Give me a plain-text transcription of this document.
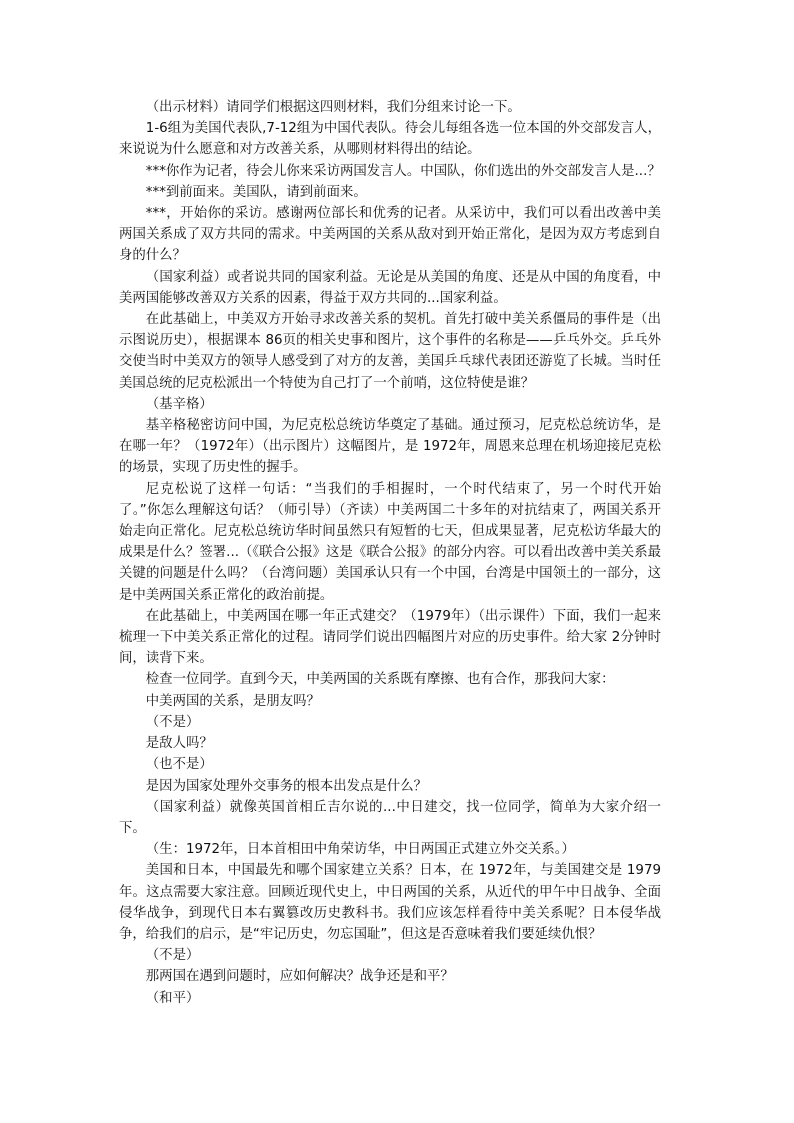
（出示材料）请同学们根据这四则材料，我们分组来讨论一下。

1-6组为美国代表队,7-12组为中国代表队。待会儿每组各选一位本国的外交部发言人，来说说为什么愿意和对方改善关系，从哪则材料得出的结论。

***你作为记者，待会儿你来采访两国发言人。中国队，你们选出的外交部发言人是...？

***到前面来。美国队，请到前面来。

***，开始你的采访。感谢两位部长和优秀的记者。从采访中，我们可以看出改善中美两国关系成了双方共同的需求。中美两国的关系从敌对到开始正常化，是因为双方考虑到自身的什么？

（国家利益）或者说共同的国家利益。无论是从美国的角度、还是从中国的角度看，中美两国能够改善双方关系的因素，得益于双方共同的...国家利益。

在此基础上，中美双方开始寻求改善关系的契机。首先打破中美关系僵局的事件是（出示图说历史），根据课本 86页的相关史事和图片，这个事件的名称是——乒乓外交。乒乓外交使当时中美双方的领导人感受到了对方的友善，美国乒乓球代表团还游览了长城。当时任美国总统的尼克松派出一个特使为自己打了一个前哨，这位特使是谁？

（基辛格）

基辛格秘密访问中国，为尼克松总统访华奠定了基础。通过预习，尼克松总统访华，是在哪一年？（1972年）（出示图片）这幅图片，是 1972年，周恩来总理在机场迎接尼克松的场景，实现了历史性的握手。

尼克松说了这样一句话：“当我们的手相握时，一个时代结束了，另一个时代开始了。”你怎么理解这句话？（师引导）（齐读）中美两国二十多年的对抗结束了，两国关系开始走向正常化。尼克松总统访华时间虽然只有短暂的七天，但成果显著，尼克松访华最大的成果是什么？签署...（《联合公报》这是《联合公报》的部分内容。可以看出改善中美关系最关键的问题是什么吗？（台湾问题）美国承认只有一个中国，台湾是中国领土的一部分，这是中美两国关系正常化的政治前提。

在此基础上，中美两国在哪一年正式建交？（1979年）（出示课件）下面，我们一起来梳理一下中美关系正常化的过程。请同学们说出四幅图片对应的历史事件。给大家 2分钟时间，读背下来。

检查一位同学。直到今天，中美两国的关系既有摩擦、也有合作，那我问大家：

中美两国的关系，是朋友吗？

（不是）

是敌人吗？

（也不是）

是因为国家处理外交事务的根本出发点是什么？

（国家利益）就像英国首相丘吉尔说的...中日建交，找一位同学，简单为大家介绍一下。

（生：1972年，日本首相田中角荣访华，中日两国正式建立外交关系。）

美国和日本，中国最先和哪个国家建立关系？日本，在 1972年，与美国建交是 1979年。这点需要大家注意。回顾近现代史上，中日两国的关系，从近代的甲午中日战争、全面侵华战争，到现代日本右翼篡改历史教科书。我们应该怎样看待中美关系呢？日本侵华战争，给我们的启示，是“牢记历史，勿忘国耻”，但这是否意味着我们要延续仇恨？

（不是）

那两国在遇到问题时，应如何解决？战争还是和平？

（和平）
